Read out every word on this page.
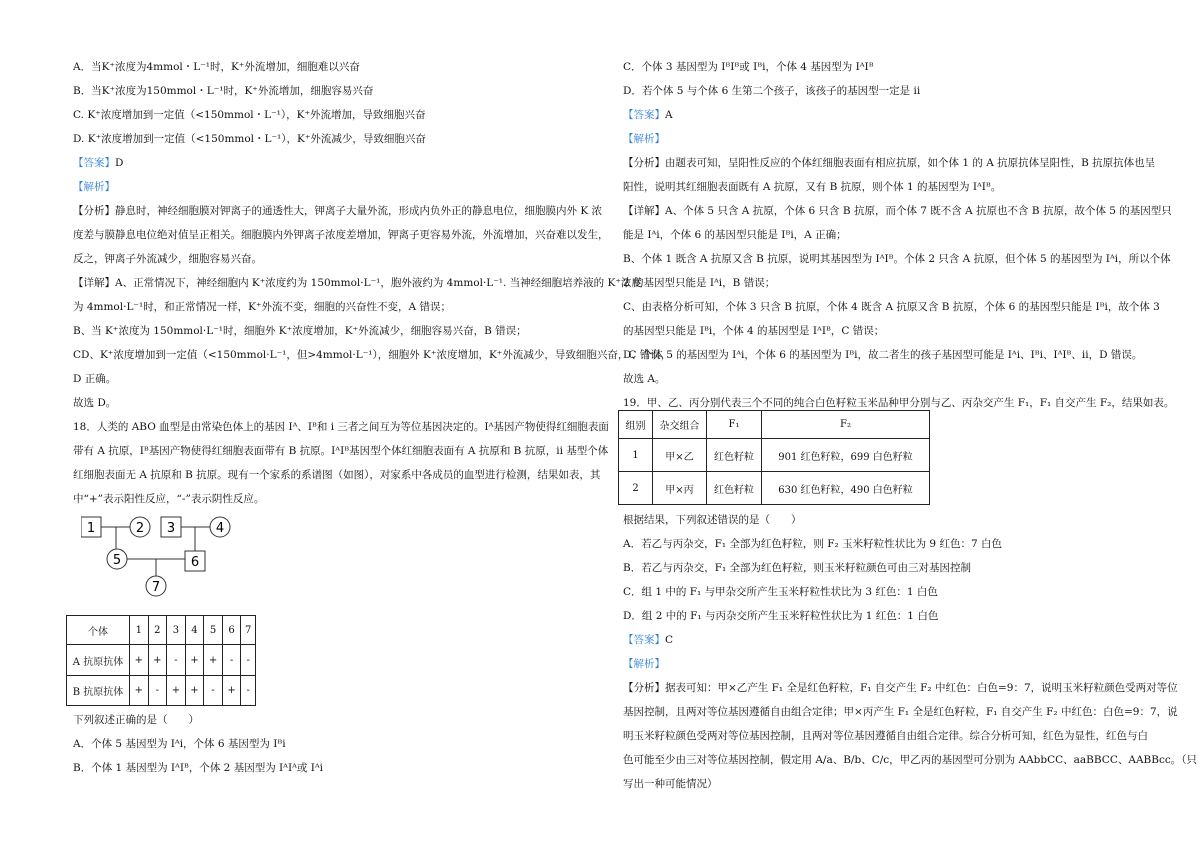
A．当K⁺浓度为4mmol・L⁻¹时，K⁺外流增加，细胞难以兴奋
B．当K⁺浓度为150mmol・L⁻¹时，K⁺外流增加，细胞容易兴奋
C. K⁺浓度增加到一定值（<150mmol・L⁻¹），K⁺外流增加，导致细胞兴奋
D. K⁺浓度增加到一定值（<150mmol・L⁻¹），K⁺外流减少，导致细胞兴奋
【答案】D
【解析】
【分析】静息时，神经细胞膜对钾离子的通透性大，钾离子大量外流，形成内负外正的静息电位，细胞膜内外 K 浓
度差与膜静息电位绝对值呈正相关。细胞膜内外钾离子浓度差增加，钾离子更容易外流，外流增加，兴奋难以发生，
反之，钾离子外流减少，细胞容易兴奋。
【详解】A、正常情况下，神经细胞内 K⁺浓度约为 150mmol·L⁻¹，胞外液约为 4mmol·L⁻¹. 当神经细胞培养液的 K⁺浓度
为 4mmol·L⁻¹时，和正常情况一样，K⁺外流不变，细胞的兴奋性不变，A 错误；
B、当 K⁺浓度为 150mmol·L⁻¹时，细胞外 K⁺浓度增加，K⁺外流减少，细胞容易兴奋，B 错误；
CD、K⁺浓度增加到一定值（<150mmol·L⁻¹，但>4mmol·L⁻¹），细胞外 K⁺浓度增加，K⁺外流减少，导致细胞兴奋，C 错误，
D 正确。
故选 D。
18．人类的 ABO 血型是由常染色体上的基因 Iᴬ、Iᴮ和 i 三者之间互为等位基因决定的。Iᴬ基因产物使得红细胞表面
带有 A 抗原，Iᴮ基因产物使得红细胞表面带有 B 抗原。IᴬIᴮ基因型个体红细胞表面有 A 抗原和 B 抗原，ii 基型个体
红细胞表面无 A 抗原和 B 抗原。现有一个家系的系谱图（如图），对家系中各成员的血型进行检测，结果如表，其
中“+”表示阳性反应，“-”表示阴性反应。
1	2 3	4
5	6
7
个体	1	2	3	4	5	6	7
A 抗原抗体	+	+	-	+	+	-	-
B 抗原抗体	+	-	+	+	-	+	-
下列叙述正确的是（　　）
A．个体 5 基因型为 Iᴬi，个体 6 基因型为 Iᴮi
B．个体 1 基因型为 IᴬIᴮ，个体 2 基因型为 IᴬIᴬ或 Iᴬi
C．个体 3 基因型为 IᴮIᴮ或 Iᴮi，个体 4 基因型为 IᴬIᴮ
D．若个体 5 与个体 6 生第二个孩子，该孩子的基因型一定是 ii
【答案】A
【解析】
【分析】由题表可知，呈阳性反应的个体红细胞表面有相应抗原，如个体 1 的 A 抗原抗体呈阳性，B 抗原抗体也呈
阳性，说明其红细胞表面既有 A 抗原，又有 B 抗原，则个体 1 的基因型为 IᴬIᴮ。
【详解】A、个体 5 只含 A 抗原，个体 6 只含 B 抗原，而个体 7 既不含 A 抗原也不含 B 抗原，故个体 5 的基因型只
能是 Iᴬi，个体 6 的基因型只能是 Iᴮi，A 正确；
B、个体 1 既含 A 抗原又含 B 抗原，说明其基因型为 IᴬIᴮ。个体 2 只含 A 抗原，但个体 5 的基因型为 Iᴬi，所以个体
2 的基因型只能是 Iᴬi，B 错误；
C、由表格分析可知，个体 3 只含 B 抗原，个体 4 既含 A 抗原又含 B 抗原，个体 6 的基因型只能是 Iᴮi，故个体 3
的基因型只能是 Iᴮi，个体 4 的基因型是 IᴬIᴮ，C 错误；
D、个体 5 的基因型为 Iᴬi，个体 6 的基因型为 Iᴮi，故二者生的孩子基因型可能是 Iᴬi、Iᴮi、IᴬIᴮ、ii，D 错误。
故选 A。
19．甲、乙、丙分别代表三个不同的纯合白色籽粒玉米品种甲分别与乙、丙杂交产生 F₁，F₁ 自交产生 F₂，结果如表。
组别	杂交组合	F₁	F₂
1	甲×乙	红色籽粒	901 红色籽粒，699 白色籽粒
2	甲×丙	红色籽粒	630 红色籽粒，490 白色籽粒
根据结果，下列叙述错误的是（　　）
A．若乙与丙杂交，F₁ 全部为红色籽粒，则 F₂ 玉米籽粒性状比为 9 红色：7 白色
B．若乙与丙杂交，F₁ 全部为红色籽粒，则玉米籽粒颜色可由三对基因控制
C．组 1 中的 F₁ 与甲杂交所产生玉米籽粒性状比为 3 红色：1 白色
D．组 2 中的 F₁ 与丙杂交所产生玉米籽粒性状比为 1 红色：1 白色
【答案】C
【解析】
【分析】据表可知：甲×乙产生 F₁ 全是红色籽粒，F₁ 自交产生 F₂ 中红色：白色=9：7，说明玉米籽粒颜色受两对等位
基因控制，且两对等位基因遵循自由组合定律；甲×丙产生 F₁ 全是红色籽粒，F₁ 自交产生 F₂ 中红色：白色=9：7，说
明玉米籽粒颜色受两对等位基因控制，且两对等位基因遵循自由组合定律。综合分析可知，红色为显性，红色与白
色可能至少由三对等位基因控制，假定用 A/a、B/b、C/c，甲乙丙的基因型可分别为 AAbbCC、aaBBCC、AABBcc。（只
写出一种可能情况）
